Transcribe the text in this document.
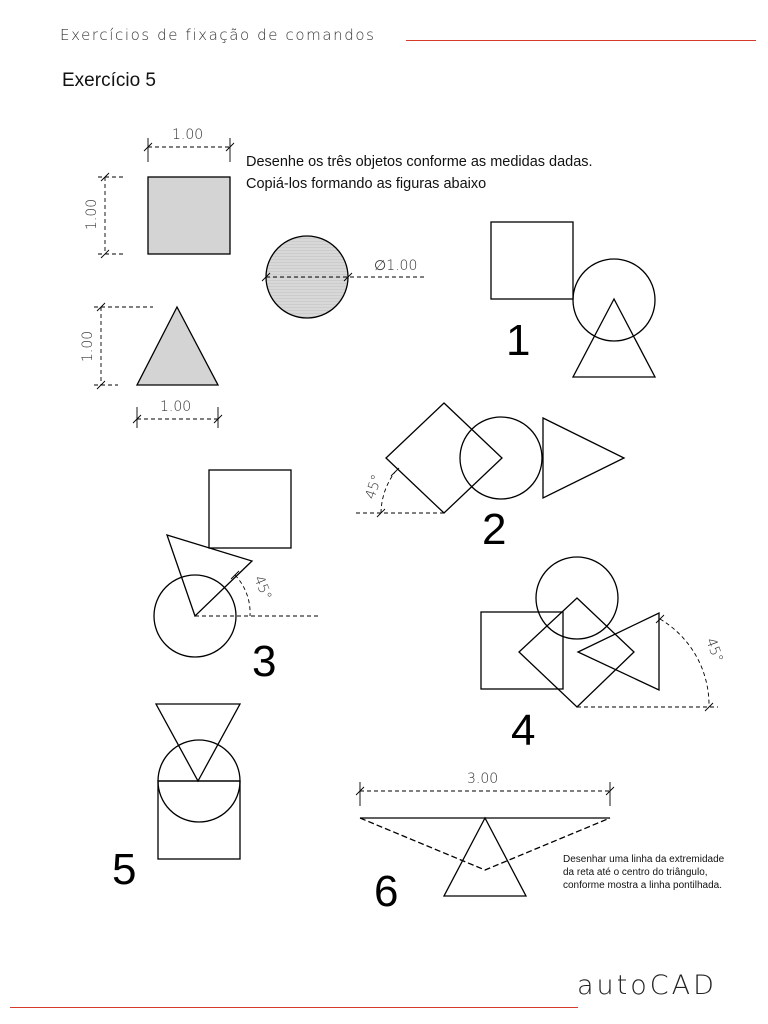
Exercícios de fixação de comandos
Exercício 5
Desenhe os três objetos conforme as medidas dadas.
Copiá-los formando as figuras abaixo
1.00
1.00
∅1.00
1.00
1.00
45°
45°
45°
3.00
1
2
3
4
5	6
Desenhar uma linha da extremidade
da reta até o centro do triângulo,
conforme mostra a linha pontilhada.
autoCAD
